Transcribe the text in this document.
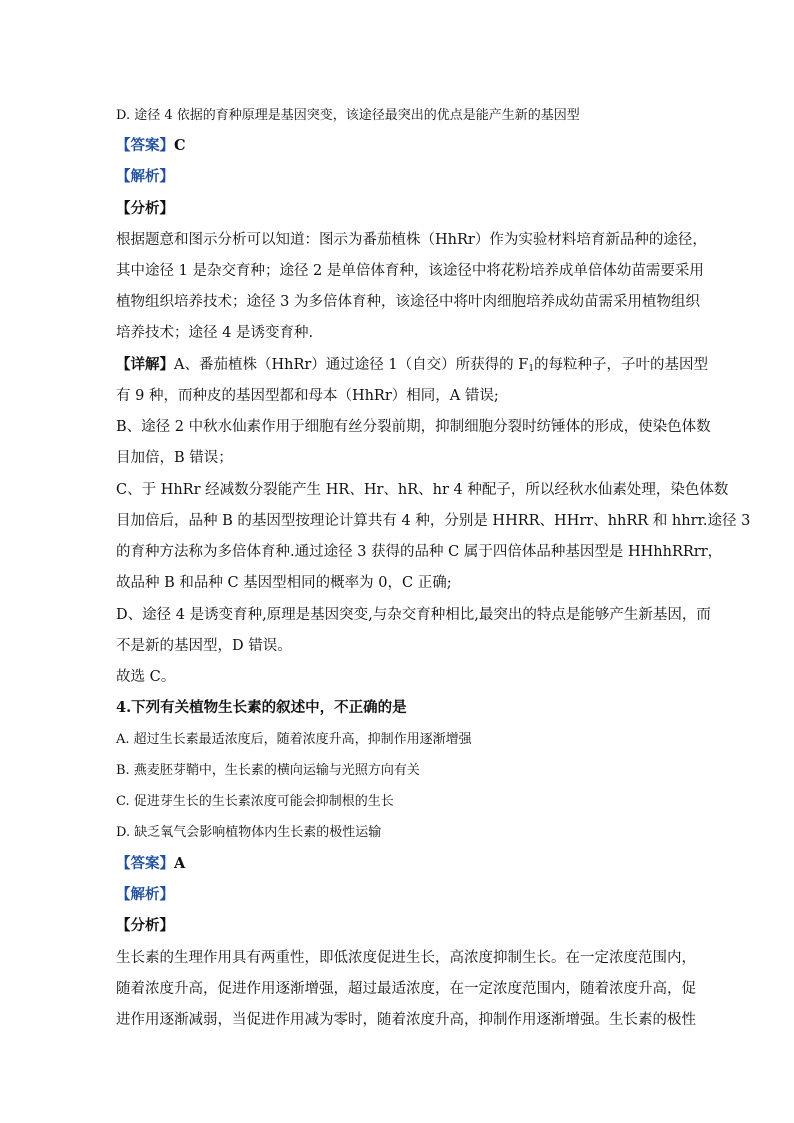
D. 途径 4 依据的育种原理是基因突变，该途径最突出的优点是能产生新的基因型
【答案】C
【解析】
【分析】
根据题意和图示分析可以知道：图示为番茄植株（HhRr）作为实验材料培育新品种的途径，
其中途径 1 是杂交育种；途径 2 是单倍体育种，该途径中将花粉培养成单倍体幼苗需要采用
植物组织培养技术；途径 3 为多倍体育种，该途径中将叶肉细胞培养成幼苗需采用植物组织
培养技术；途径 4 是诱变育种.
【详解】A、番茄植株（HhRr）通过途径 1（自交）所获得的 $F_1$的每粒种子，子叶的基因型
有 9 种，而种皮的基因型都和母本（HhRr）相同，A 错误;
B、途径 2 中秋水仙素作用于细胞有丝分裂前期，抑制细胞分裂时纺锤体的形成，使染色体数
目加倍，B 错误；
C、于 HhRr 经减数分裂能产生 HR、Hr、hR、hr 4 种配子，所以经秋水仙素处理，染色体数
目加倍后，品种 B 的基因型按理论计算共有 4 种，分别是 HHRR、HHrr、hhRR 和 hhrr.途径 3
的育种方法称为多倍体育种.通过途径 3 获得的品种 C 属于四倍体品种基因型是 HHhhRRrr，
故品种 B 和品种 C 基因型相同的概率为 0，C 正确;
D、途径 4 是诱变育种,原理是基因突变,与杂交育种相比,最突出的特点是能够产生新基因，而
不是新的基因型，D 错误。
故选 C。
4.下列有关植物生长素的叙述中，不正确的是
A. 超过生长素最适浓度后，随着浓度升高，抑制作用逐渐增强
B. 燕麦胚芽鞘中，生长素的横向运输与光照方向有关
C. 促进芽生长的生长素浓度可能会抑制根的生长
D. 缺乏氧气会影响植物体内生长素的极性运输
【答案】A
【解析】
【分析】
生长素的生理作用具有两重性，即低浓度促进生长，高浓度抑制生长。在一定浓度范围内，
随着浓度升高，促进作用逐渐增强，超过最适浓度，在一定浓度范围内，随着浓度升高，促
进作用逐渐减弱，当促进作用减为零时，随着浓度升高，抑制作用逐渐增强。生长素的极性
